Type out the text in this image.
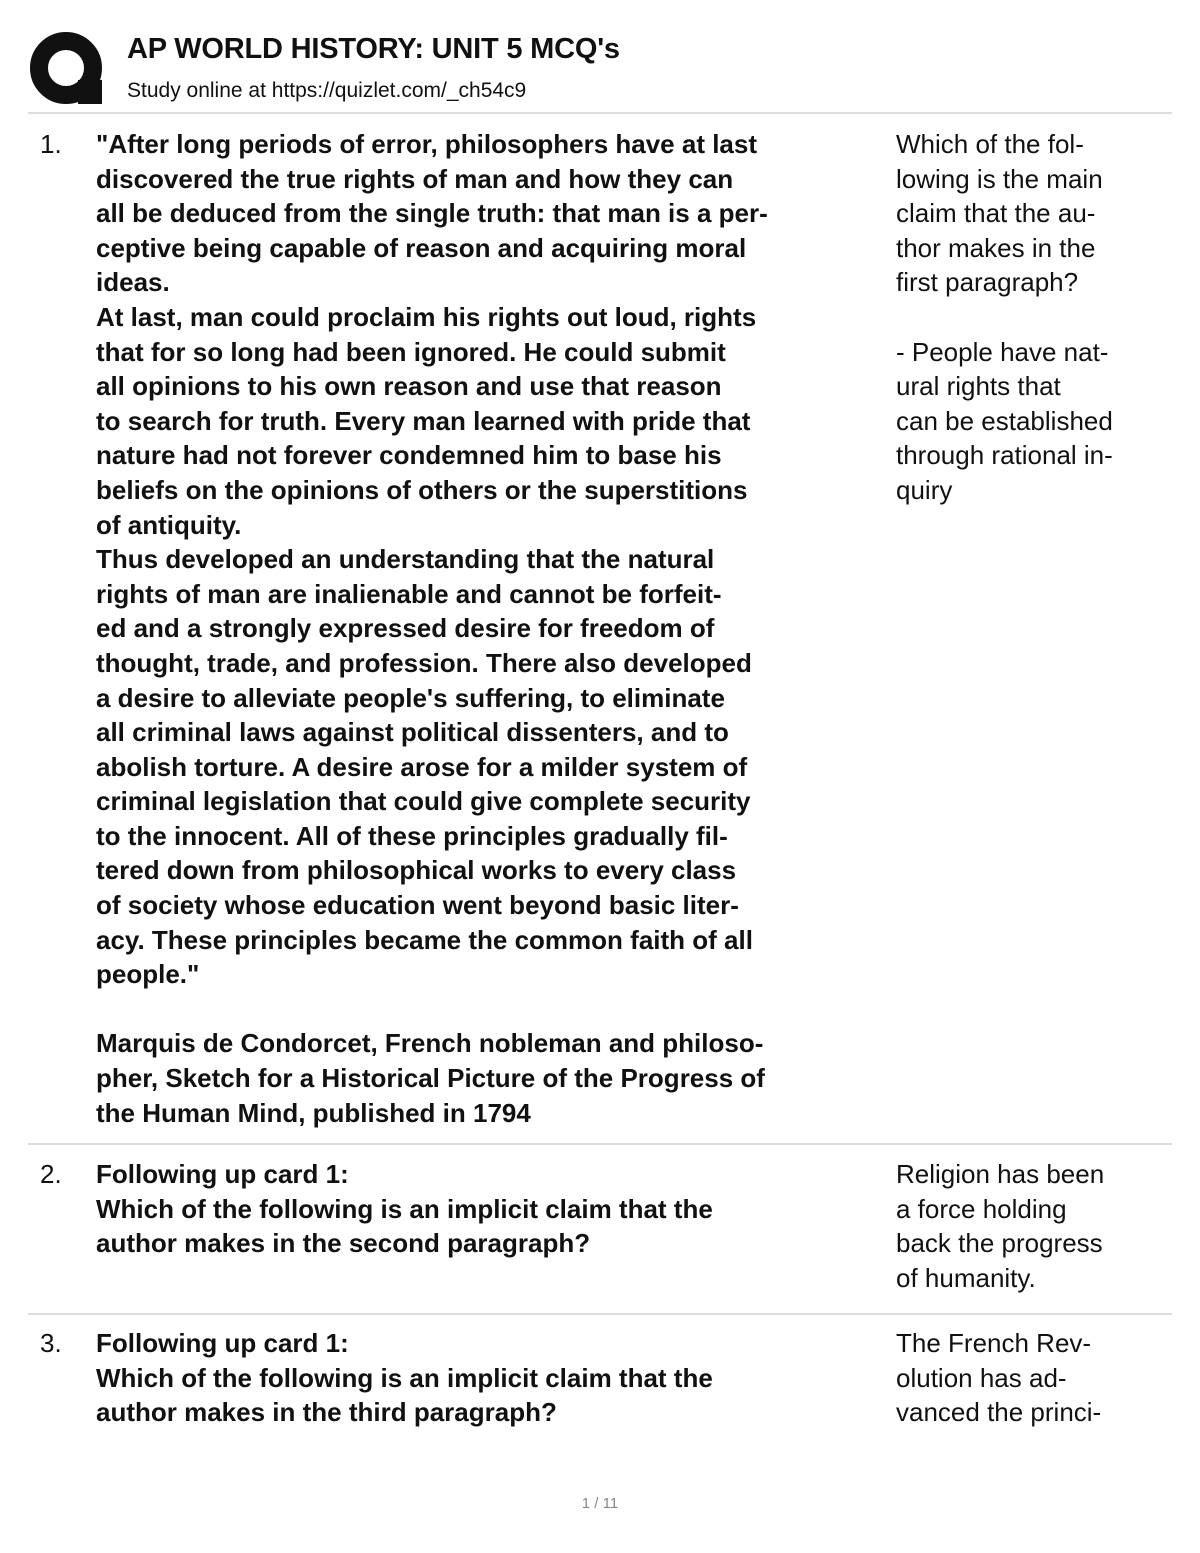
AP WORLD HISTORY: UNIT 5 MCQ's
Study online at https://quizlet.com/_ch54c9
1. "After long periods of error, philosophers have at last
discovered the true rights of man and how they can
all be deduced from the single truth: that man is a per-
ceptive being capable of reason and acquiring moral
ideas.
At last, man could proclaim his rights out loud, rights
that for so long had been ignored. He could submit
all opinions to his own reason and use that reason
to search for truth. Every man learned with pride that
nature had not forever condemned him to base his
beliefs on the opinions of others or the superstitions
of antiquity.
Thus developed an understanding that the natural
rights of man are inalienable and cannot be forfeit-
ed and a strongly expressed desire for freedom of
thought, trade, and profession. There also developed
a desire to alleviate people's suffering, to eliminate
all criminal laws against political dissenters, and to
abolish torture. A desire arose for a milder system of
criminal legislation that could give complete security
to the innocent. All of these principles gradually fil-
tered down from philosophical works to every class
of society whose education went beyond basic liter-
acy. These principles became the common faith of all
people."
Marquis de Condorcet, French nobleman and philoso-
pher, Sketch for a Historical Picture of the Progress of
the Human Mind, published in 1794
Which of the fol-
lowing is the main
claim that the au-
thor makes in the
first paragraph?
- People have nat-
ural rights that
can be established
through rational in-
quiry
2. Following up card 1:
Which of the following is an implicit claim that the
author makes in the second paragraph?
Religion has been
a force holding
back the progress
of humanity.
3. Following up card 1:
Which of the following is an implicit claim that the
author makes in the third paragraph?
The French Rev-
olution has ad-
vanced the princi-
1 / 11
